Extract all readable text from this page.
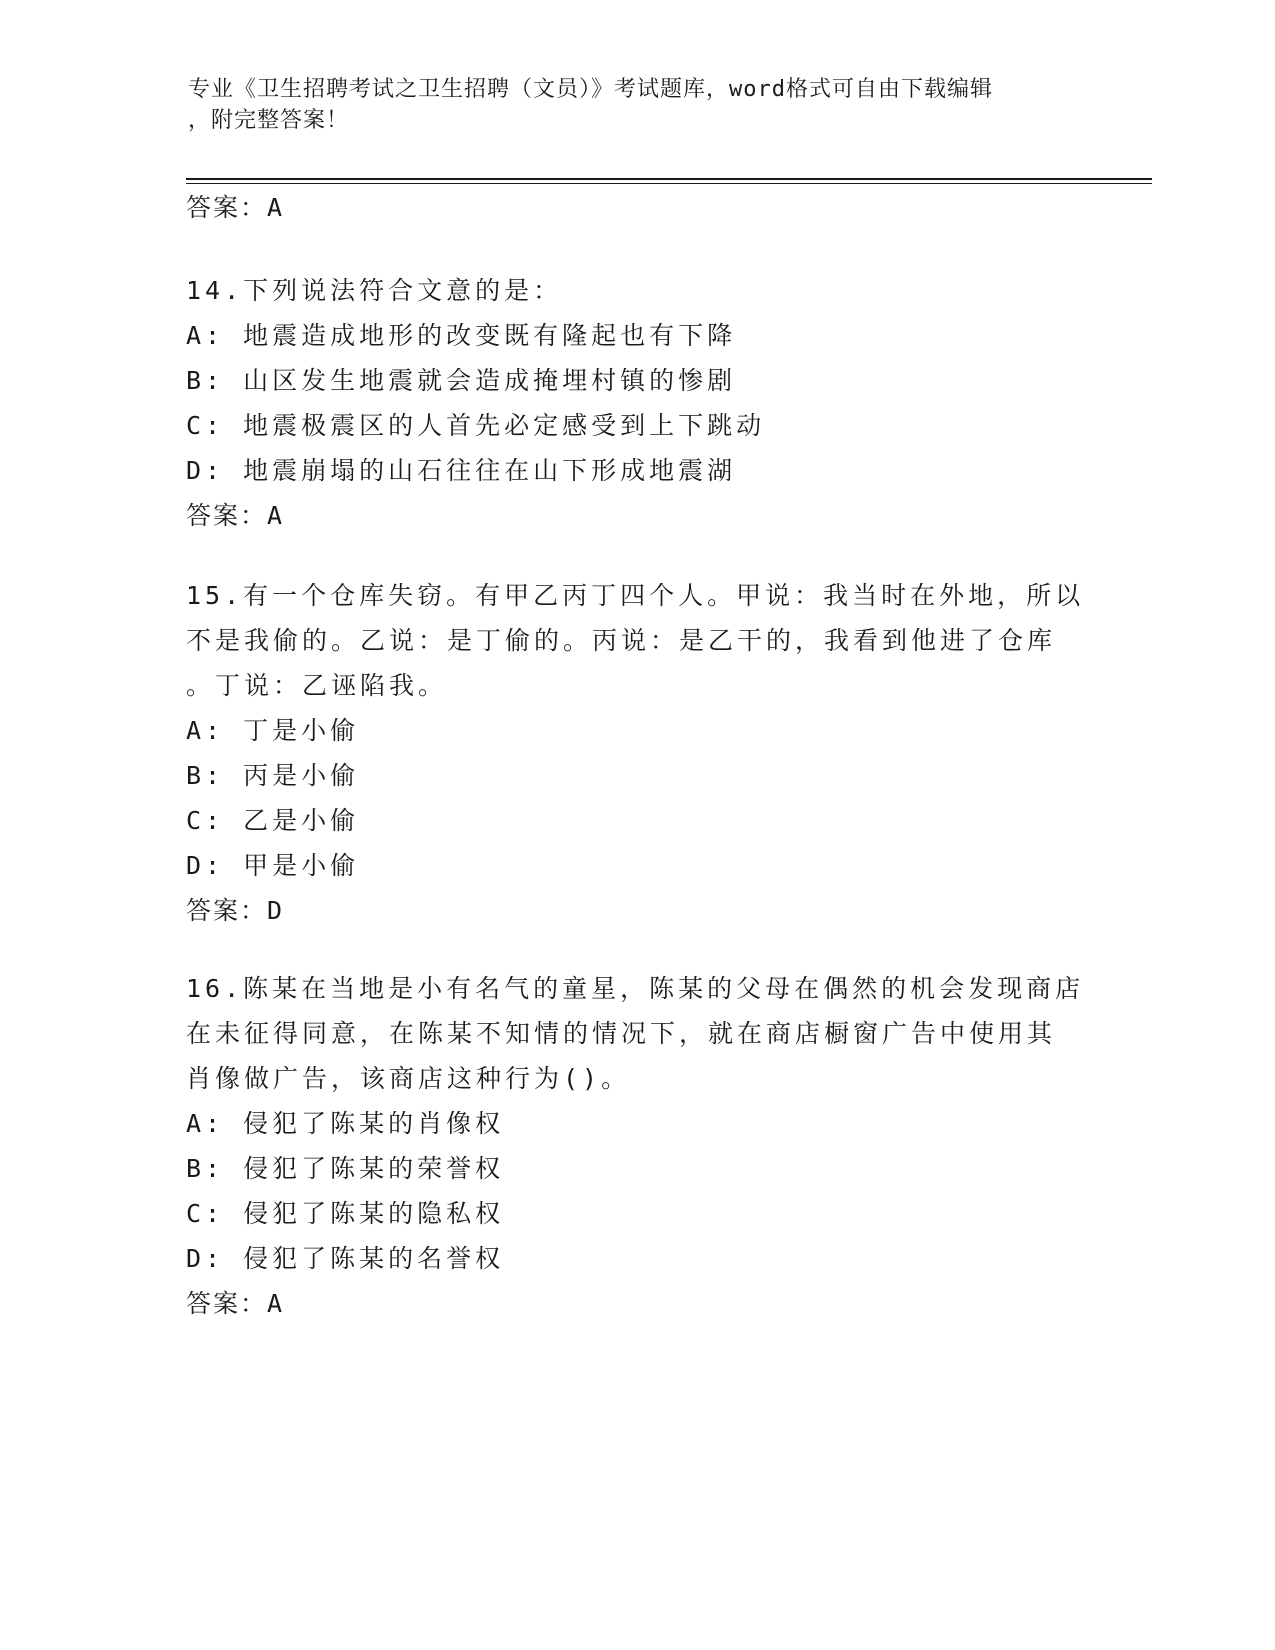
专业《卫生招聘考试之卫生招聘（文员）》考试题库，word格式可自由下载编辑
，附完整答案！
答案：A
14.下列说法符合文意的是：
A: 地震造成地形的改变既有隆起也有下降
B: 山区发生地震就会造成掩埋村镇的惨剧
C: 地震极震区的人首先必定感受到上下跳动
D: 地震崩塌的山石往往在山下形成地震湖
答案：A
15.有一个仓库失窃。有甲乙丙丁四个人。甲说：我当时在外地，所以
不是我偷的。乙说：是丁偷的。丙说：是乙干的，我看到他进了仓库
。丁说：乙诬陷我。
A: 丁是小偷
B: 丙是小偷
C: 乙是小偷
D: 甲是小偷
答案：D
16.陈某在当地是小有名气的童星，陈某的父母在偶然的机会发现商店
在未征得同意，在陈某不知情的情况下，就在商店橱窗广告中使用其
肖像做广告，该商店这种行为()。
A: 侵犯了陈某的肖像权
B: 侵犯了陈某的荣誉权
C: 侵犯了陈某的隐私权
D: 侵犯了陈某的名誉权
答案：A
